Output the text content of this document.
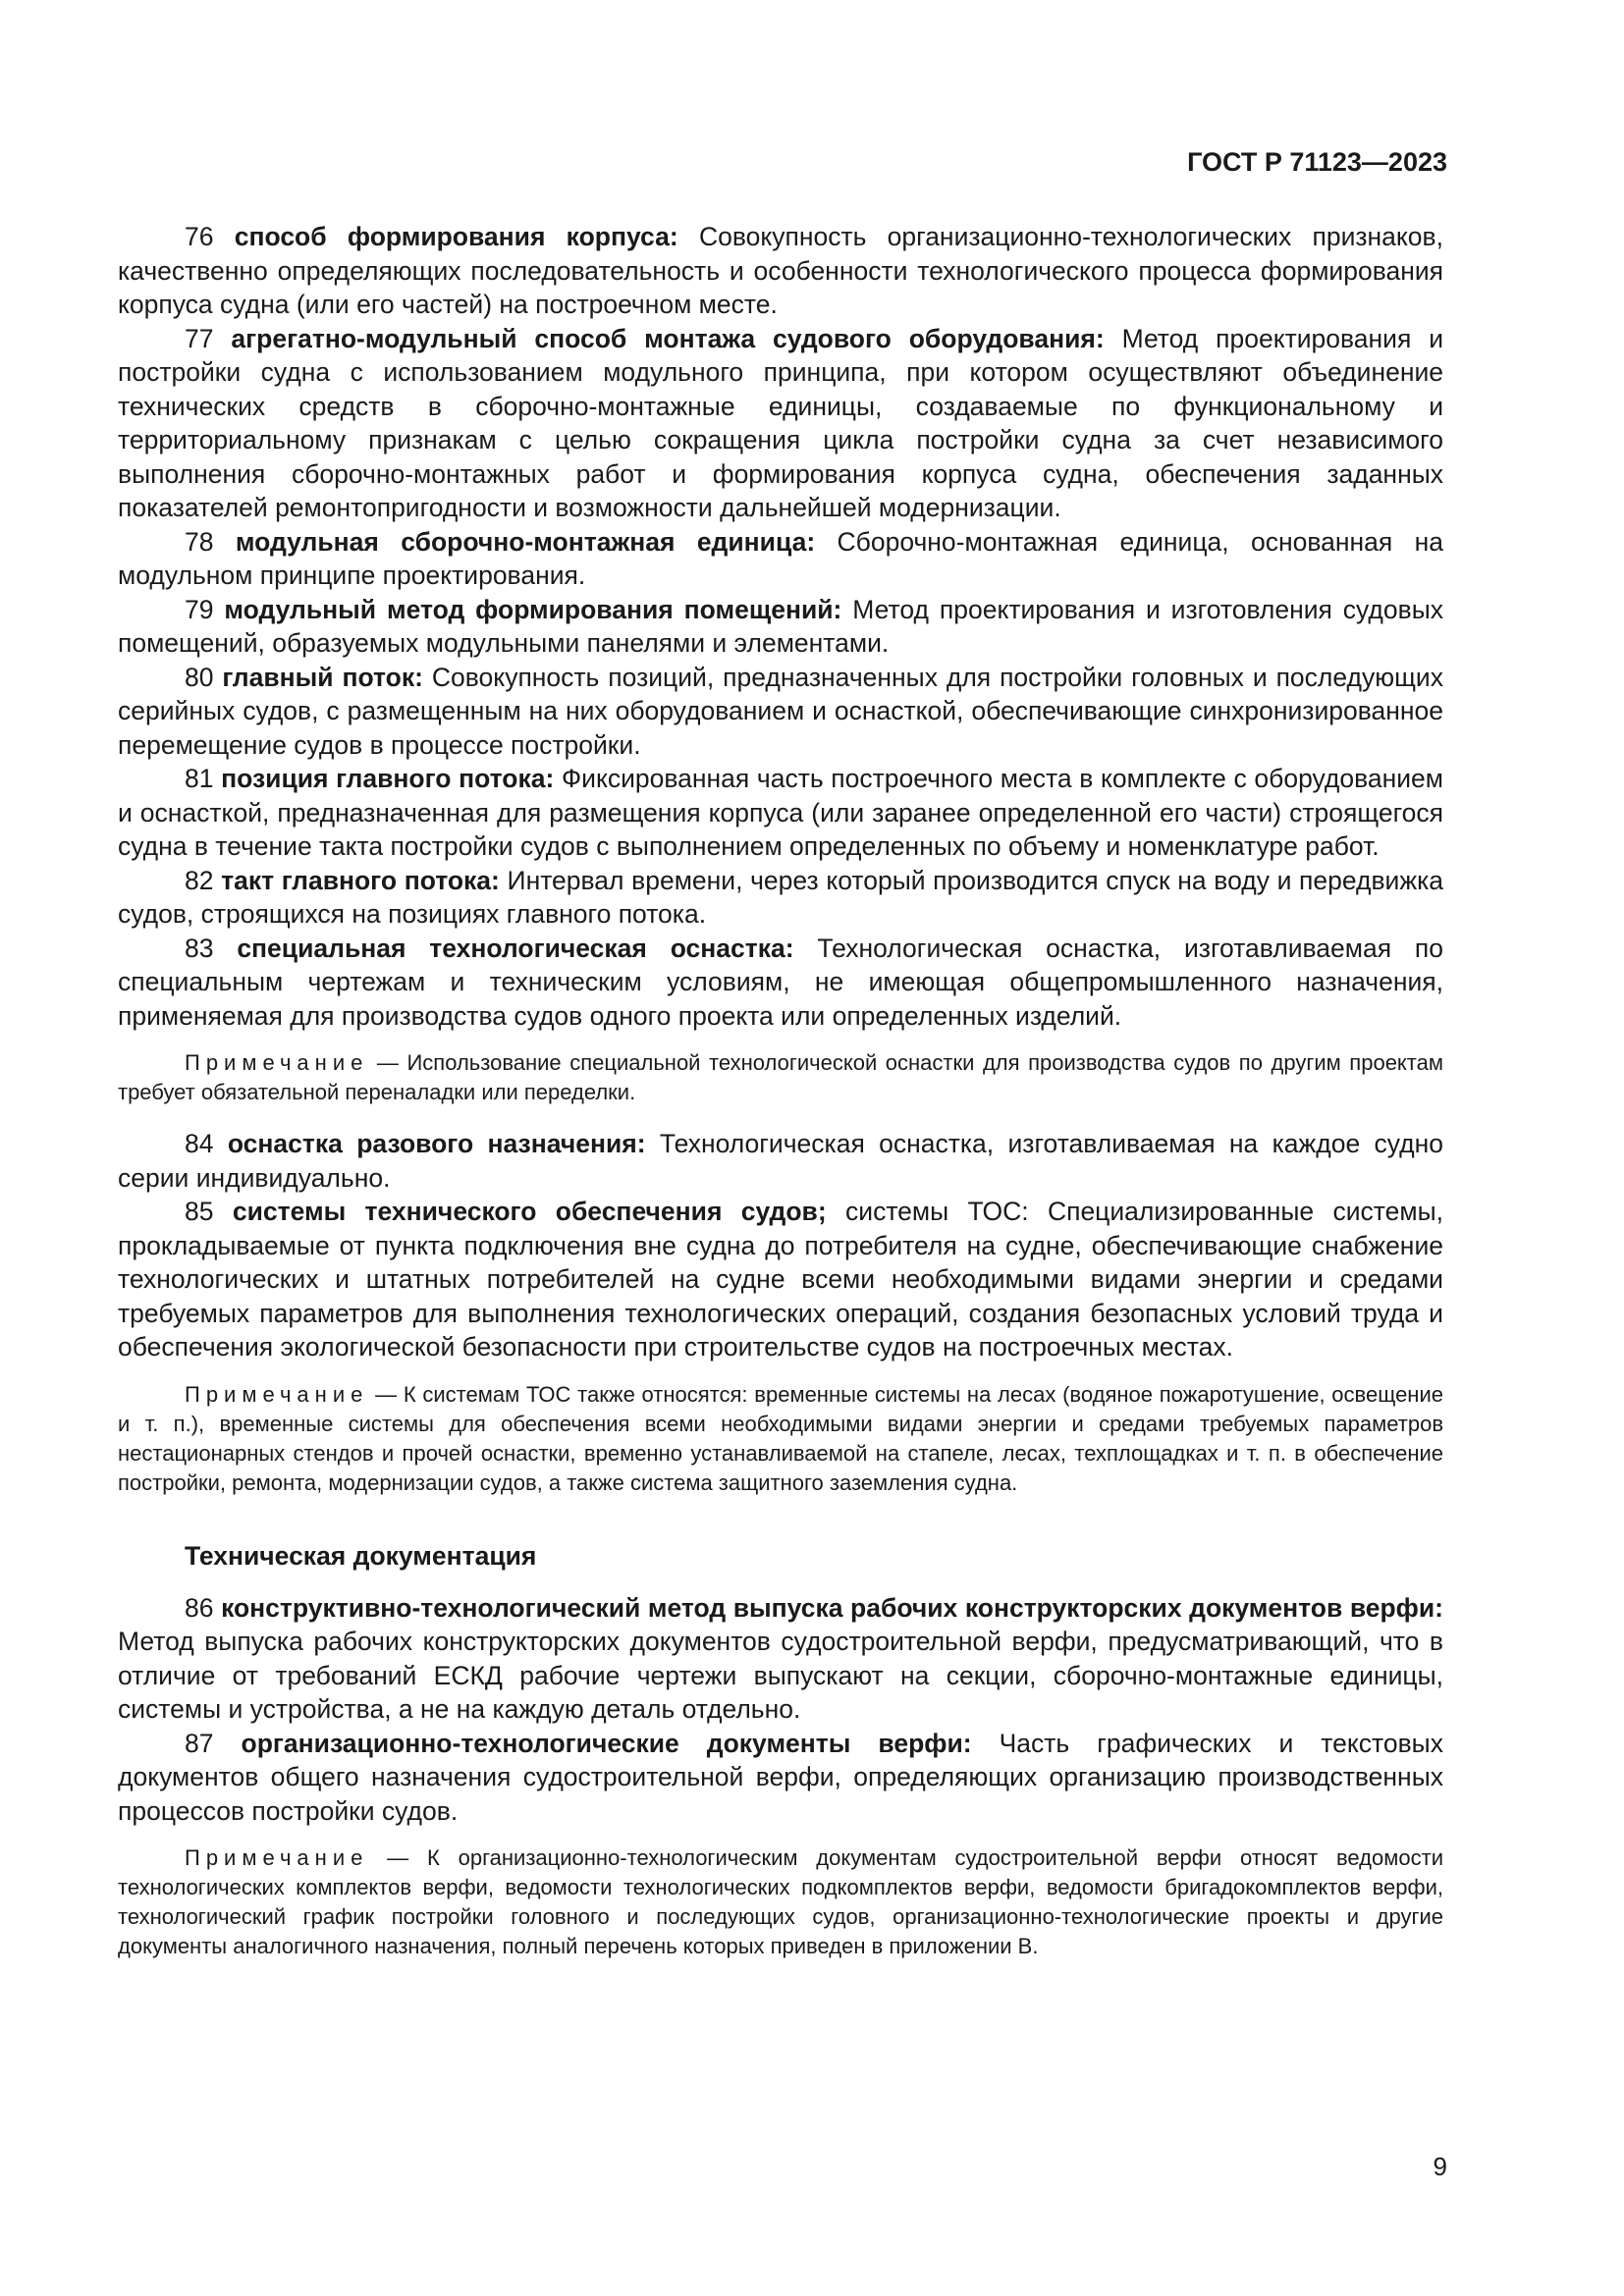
ГОСТ Р 71123—2023

76 способ формирования корпуса: Совокупность организационно-технологических признаков, качественно определяющих последовательность и особенности технологического процесса формирования корпуса судна (или его частей) на построечном месте.

77 агрегатно-модульный способ монтажа судового оборудования: Метод проектирования и постройки судна с использованием модульного принципа, при котором осуществляют объединение технических средств в сборочно-монтажные единицы, создаваемые по функциональному и территориальному признакам с целью сокращения цикла постройки судна за счет независимого выполнения сборочно-монтажных работ и формирования корпуса судна, обеспечения заданных показателей ремонтопригодности и возможности дальнейшей модернизации.

78 модульная сборочно-монтажная единица: Сборочно-монтажная единица, основанная на модульном принципе проектирования.

79 модульный метод формирования помещений: Метод проектирования и изготовления судовых помещений, образуемых модульными панелями и элементами.

80 главный поток: Совокупность позиций, предназначенных для постройки головных и последующих серийных судов, с размещенным на них оборудованием и оснасткой, обеспечивающие синхронизированное перемещение судов в процессе постройки.

81 позиция главного потока: Фиксированная часть построечного места в комплекте с оборудованием и оснасткой, предназначенная для размещения корпуса (или заранее определенной его части) строящегося судна в течение такта постройки судов с выполнением определенных по объему и номенклатуре работ.

82 такт главного потока: Интервал времени, через который производится спуск на воду и передвижка судов, строящихся на позициях главного потока.

83 специальная технологическая оснастка: Технологическая оснастка, изготавливаемая по специальным чертежам и техническим условиям, не имеющая общепромышленного назначения, применяемая для производства судов одного проекта или определенных изделий.

Примечание — Использование специальной технологической оснастки для производства судов по другим проектам требует обязательной переналадки или переделки.

84 оснастка разового назначения: Технологическая оснастка, изготавливаемая на каждое судно серии индивидуально.

85 системы технического обеспечения судов; системы ТОС: Специализированные системы, прокладываемые от пункта подключения вне судна до потребителя на судне, обеспечивающие снабжение технологических и штатных потребителей на судне всеми необходимыми видами энергии и средами требуемых параметров для выполнения технологических операций, создания безопасных условий труда и обеспечения экологической безопасности при строительстве судов на построечных местах.

Примечание — К системам ТОС также относятся: временные системы на лесах (водяное пожаротушение, освещение и т. п.), временные системы для обеспечения всеми необходимыми видами энергии и средами требуемых параметров нестационарных стендов и прочей оснастки, временно устанавливаемой на стапеле, лесах, техплощадках и т. п. в обеспечение постройки, ремонта, модернизации судов, а также система защитного заземления судна.

Техническая документация

86 конструктивно-технологический метод выпуска рабочих конструкторских документов верфи: Метод выпуска рабочих конструкторских документов судостроительной верфи, предусматривающий, что в отличие от требований ЕСКД рабочие чертежи выпускают на секции, сборочно-монтажные единицы, системы и устройства, а не на каждую деталь отдельно.

87 организационно-технологические документы верфи: Часть графических и текстовых документов общего назначения судостроительной верфи, определяющих организацию производственных процессов постройки судов.

Примечание — К организационно-технологическим документам судостроительной верфи относят ведомости технологических комплектов верфи, ведомости технологических подкомплектов верфи, ведомости бригадокомплектов верфи, технологический график постройки головного и последующих судов, организационно-технологические проекты и другие документы аналогичного назначения, полный перечень которых приведен в приложении В.

9
